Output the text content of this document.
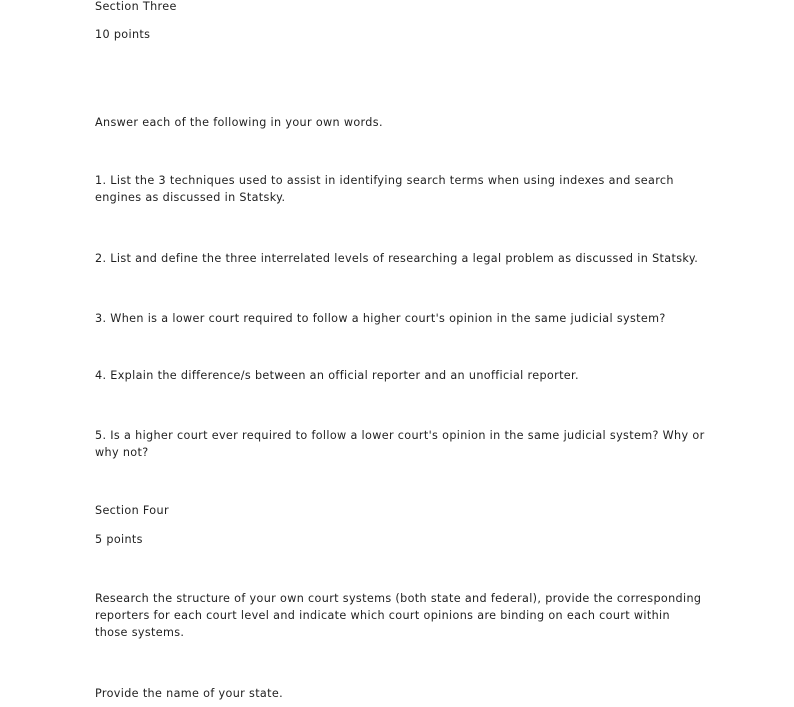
Section Three

10 points

Answer each of the following in your own words.

1. List the 3 techniques used to assist in identifying search terms when using indexes and search engines as discussed in Statsky.

2. List and define the three interrelated levels of researching a legal problem as discussed in Statsky.

3. When is a lower court required to follow a higher court's opinion in the same judicial system?

4. Explain the difference/s between an official reporter and an unofficial reporter.

5. Is a higher court ever required to follow a lower court's opinion in the same judicial system? Why or why not?

Section Four

5 points

Research the structure of your own court systems (both state and federal), provide the corresponding reporters for each court level and indicate which court opinions are binding on each court within those systems.

Provide the name of your state.
